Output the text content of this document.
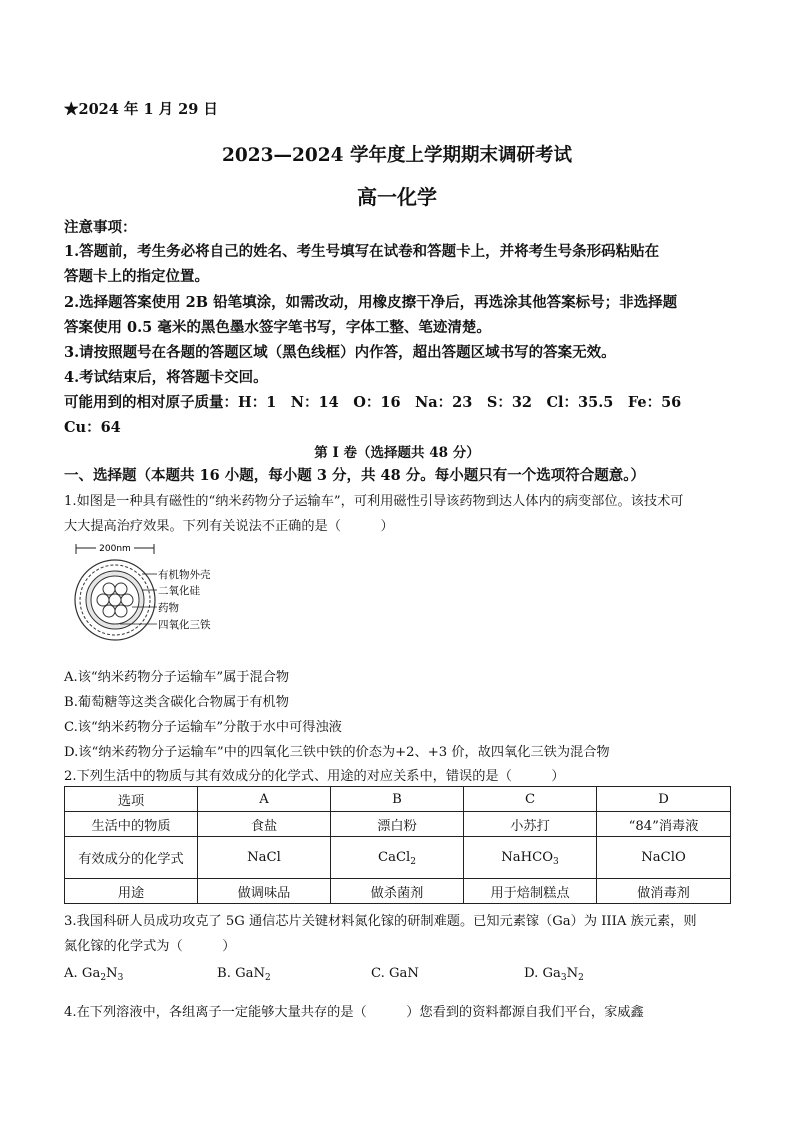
★2024 年 1 月 29 日
2023—2024 学年度上学期期末调研考试
高一化学
注意事项：
1.答题前，考生务必将自己的姓名、考生号填写在试卷和答题卡上，并将考生号条形码粘贴在
答题卡上的指定位置。
2.选择题答案使用 2B 铅笔填涂，如需改动，用橡皮擦干净后，再选涂其他答案标号；非选择题
答案使用 0.5 毫米的黑色墨水签字笔书写，字体工整、笔迹清楚。
3.请按照题号在各题的答题区域（黑色线框）内作答，超出答题区域书写的答案无效。
4.考试结束后，将答题卡交回。
可能用到的相对原子质量：H：1　N：14　O：16　Na：23　S：32　Cl：35.5　Fe：56
Cu：64
第 I 卷（选择题共 48 分）
一、选择题（本题共 16 小题，每小题 3 分，共 48 分。每小题只有一个选项符合题意。）
1.如图是一种具有磁性的“纳米药物分子运输车”，可利用磁性引导该药物到达人体内的病变部位。该技术可
大大提高治疗效果。下列有关说法不正确的是（　　　）
200nm
有机物外壳
二氧化硅
药物
四氧化三铁
A.该“纳米药物分子运输车”属于混合物
B.葡萄糖等这类含碳化合物属于有机物
C.该“纳米药物分子运输车”分散于水中可得浊液
D.该“纳米药物分子运输车”中的四氧化三铁中铁的价态为+2、+3 价，故四氧化三铁为混合物
2.下列生活中的物质与其有效成分的化学式、用途的对应关系中，错误的是（　　　）
选项	A	B	C	D
生活中的物质	食盐	漂白粉	小苏打	“84”消毒液
有效成分的化学式	NaCl	CaCl$_2$	NaHCO$_3$	NaClO
用途	做调味品	做杀菌剂	用于焙制糕点	做消毒剂
3.我国科研人员成功攻克了 5G 通信芯片关键材料氮化镓的研制难题。已知元素镓（Ga）为 IIIA 族元素，则
氮化镓的化学式为（　　　）
A. $Ga_2N_3$	B. GaN$_2$	C. GaN	D. $Ga_3N_2$
4.在下列溶液中，各组离子一定能够大量共存的是（　　　）您看到的资料都源自我们平台，家威鑫
